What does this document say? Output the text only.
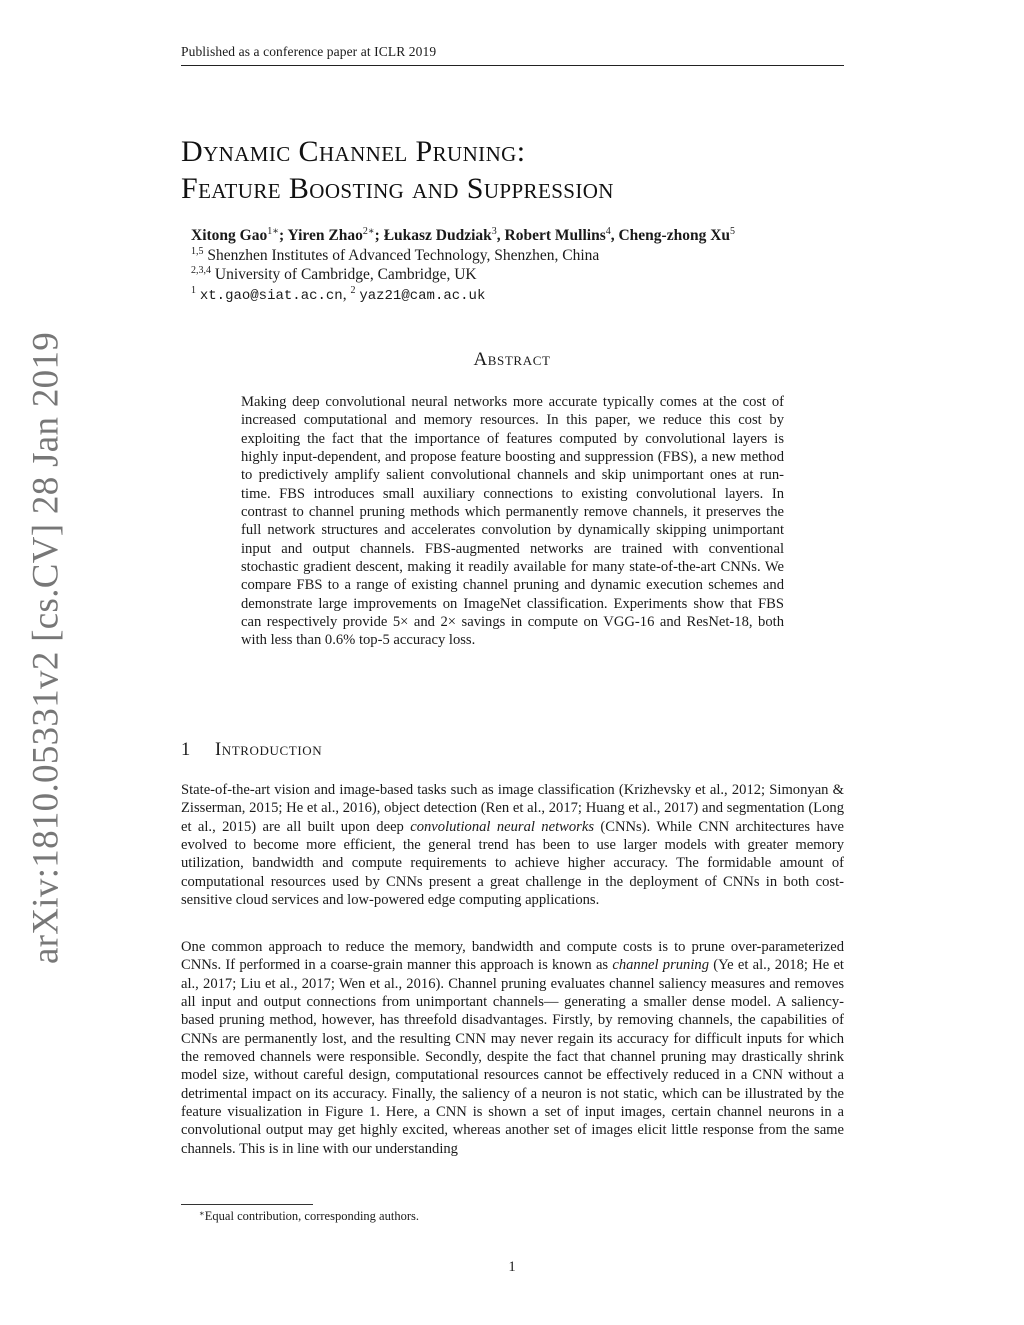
Published as a conference paper at ICLR 2019
arXiv:1810.05331v2 [cs.CV] 28 Jan 2019
Dynamic Channel Pruning:
Feature Boosting and Suppression
Xitong Gao$^{1∗}$; Yiren Zhao$^{2∗}$; Łukasz Dudziak$^3$, Robert Mullins$^4$, Cheng-zhong Xu$^5$
$^{1,5}$ Shenzhen Institutes of Advanced Technology, Shenzhen, China
$^{2,3,4}$ University of Cambridge, Cambridge, UK
$^1$ xt.gao@siat.ac.cn, $^2$ yaz21@cam.ac.uk
Abstract
Making deep convolutional neural networks more accurate typically comes at the cost of increased computational and memory resources. In this paper, we reduce this cost by exploiting the fact that the importance of features computed by convolutional layers is highly input-dependent, and propose feature boosting and suppression (FBS), a new method to predictively amplify salient convolutional channels and skip unimportant ones at run-time. FBS introduces small auxiliary connections to existing convolutional layers. In contrast to channel pruning methods which permanently remove channels, it preserves the full network structures and accelerates convolution by dynamically skipping unimportant input and output channels. FBS-augmented networks are trained with conventional stochastic gradient descent, making it readily available for many state-of-the-art CNNs. We compare FBS to a range of existing channel pruning and dynamic execution schemes and demonstrate large improvements on ImageNet classification. Experiments show that FBS can respectively provide 5× and 2× savings in compute on VGG-16 and ResNet-18, both with less than 0.6% top-5 accuracy loss.
1 Introduction
State-of-the-art vision and image-based tasks such as image classification (Krizhevsky et al., 2012; Simonyan & Zisserman, 2015; He et al., 2016), object detection (Ren et al., 2017; Huang et al., 2017) and segmentation (Long et al., 2015) are all built upon deep convolutional neural networks (CNNs). While CNN architectures have evolved to become more efficient, the general trend has been to use larger models with greater memory utilization, bandwidth and compute requirements to achieve higher accuracy. The formidable amount of computational resources used by CNNs present a great challenge in the deployment of CNNs in both cost-sensitive cloud services and low-powered edge computing applications.
One common approach to reduce the memory, bandwidth and compute costs is to prune over-parameterized CNNs. If performed in a coarse-grain manner this approach is known as channel pruning (Ye et al., 2018; He et al., 2017; Liu et al., 2017; Wen et al., 2016). Channel pruning evaluates channel saliency measures and removes all input and output connections from unimportant channels— generating a smaller dense model. A saliency-based pruning method, however, has threefold disadvantages. Firstly, by removing channels, the capabilities of CNNs are permanently lost, and the resulting CNN may never regain its accuracy for difficult inputs for which the removed channels were responsible. Secondly, despite the fact that channel pruning may drastically shrink model size, without careful design, computational resources cannot be effectively reduced in a CNN without a detrimental impact on its accuracy. Finally, the saliency of a neuron is not static, which can be illustrated by the feature visualization in Figure 1. Here, a CNN is shown a set of input images, certain channel neurons in a convolutional output may get highly excited, whereas another set of images elicit little response from the same channels. This is in line with our understanding
∗Equal contribution, corresponding authors.
1
